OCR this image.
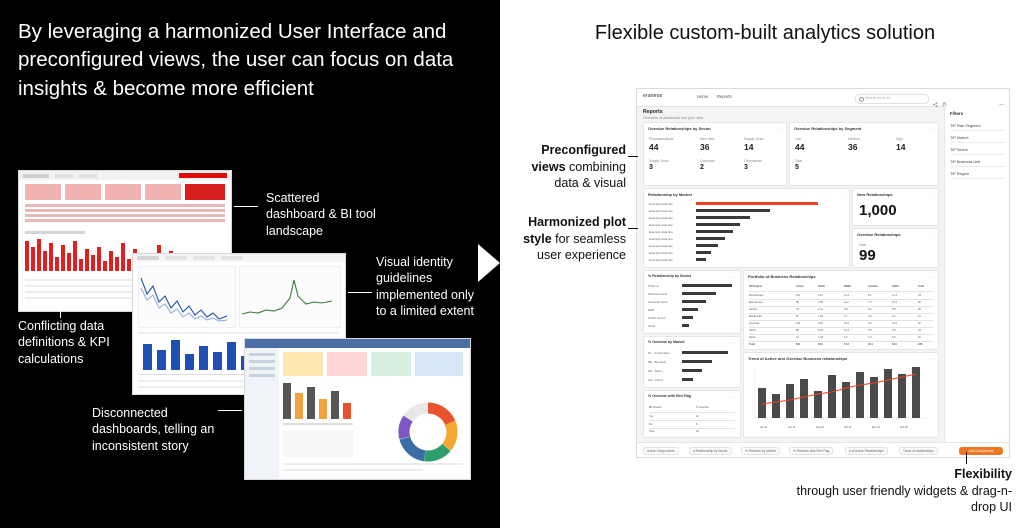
By leveraging a harmonized User Interface and preconfigured views, the user can focus on data insights & become more efficient
Scattered dashboard & BI tool landscape
Visual identity guidelines implemented only to a limited extent
Conflicting data definitions & KPI calculations
Disconnected dashboards, telling an inconsistent story
Flexible custom-built analytics solution
eraneos	Home Reports	Search by to-do
Reports
Overview of dashboard and your view
Filters
TIP Risk Segment
TIP Market
TIP Sector
TIP Business Unit
TIP Region
Overdue Relationships by Sector	⋯
Pharmaceuticals
44
New Yard
36
Supply Chain
14
Supply Chain
3
Corporate
2
Commercial
3
Overdue Relationships by Segment	⋯
Low
44
Medium
36
High
14
Total
5
Relationship by Market	⋯
Example data line
Example data line
Example data line
Example data line
Example data line
Example data line
Example data line
Example data line
Example data line
New Relationships	⋯
1,000
Overdue Relationships	⋯
Total
99
% Relationship by Sector	⋯
Pharma
Petrochemical
Financial Svcs
R&D
Public Sector
Other
% Overdue by Market	⋯
NL - Amsterdam
BE - Brussels
DE - Berlin
CH - Zurich
% Overdue with Red Flag	⋯
BP Present	% Overdue
Yes	12
No	8
Total	20
Portfolio of Business Relationships	⋯
TIP Region	Active	Suffix	EMEA	Lambda	APAC	Total
West Europe	112	3.12	14.4	8.1	12.1	44
East Europe	98	2.85	11.2	7.3	10.4	36
Nordics	76	2.41	9.8	6.2	8.8	28
Middle East	54	1.92	7.1	4.9	6.3	21
Americas	132	3.66	16.2	9.4	14.2	52
APAC	88	2.54	10.4	6.8	9.6	33
Africa	41	1.38	5.2	3.4	4.6	16
Total	601	18.9	74.3	46.1	66.0	230
Trend of Active and Overdue Business relationships	⋯
Apr 21	Jun 21	Aug 21	Oct 21	Dec 21	Feb 22
Active Components	# Relationship by Sector	% Overdue by Market	% Overdue with Red Flag	# of Active Relationships	Trend of relationships	Add Components
Preconfigured views combining data & visual
Harmonized plot style for seamless user experience
Flexibility
through user friendly widgets & drag-n-drop UI
